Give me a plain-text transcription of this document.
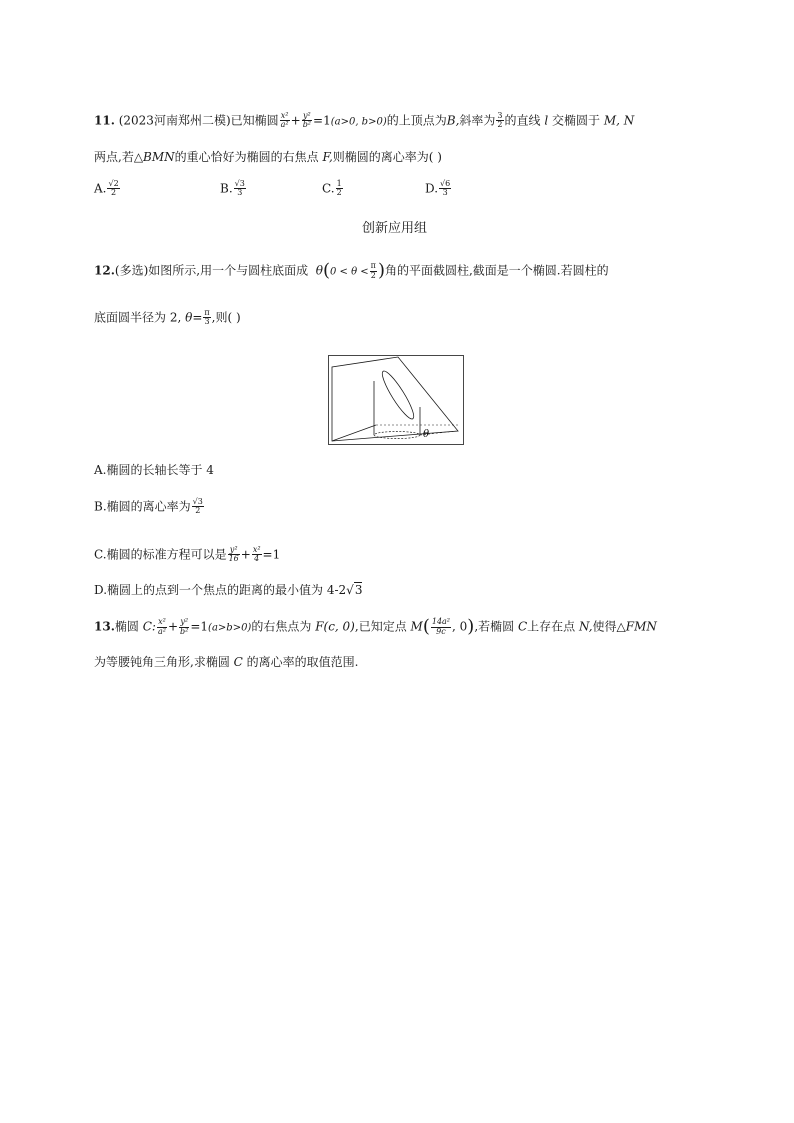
11. (2023河南郑州二模)已知椭圆 $\frac{\text{x²}}{\text{a²}} + \frac{\text{y²}}{\text{b²}} =1(a>0$, b>0)的上顶点为B,斜率为 $\frac{3}{2}$ 的直线 l 交椭圆于 M, N
两点,若△BMN的重心恰好为椭圆的右焦点 F,则椭圆的离心率为( )
A. $\frac{√2}{2}$	B. $\frac{√3}{3}$	C. $\frac{1}{2}$	D. $\frac{√6}{3}$
创新应用组
12.(多选)如图所示,用一个与圆柱底面成 $\theta(0 < \theta < \frac{\pi}{2}$ )角的平面截圆柱,截面是一个椭圆.若圆柱的
底面圆半径为 2, $\theta= \frac{\pi}{3}$ ,则( )
θ
A.椭圆的长轴长等于 4
B.椭圆的离心率为 $\frac{√3}{2}$
C.椭圆的标准方程可以是 $\frac{\text{y²}}{16} + \frac{\text{x²}}{4} =1$
D.椭圆上的点到一个焦点的距离的最小值为 4-2√3
13.椭圆 C: $\frac{\text{x²}}{\text{a²}} + \frac{\text{y²}}{\text{b²}} =1(a>b>0)$的右焦点为 F(c, 0),已知定点 $M( \frac{\text{14a²}}{9c}$ , 0),若椭圆 C上存在点 N,使得△FMN
为等腰钝角三角形,求椭圆 C 的离心率的取值范围.
